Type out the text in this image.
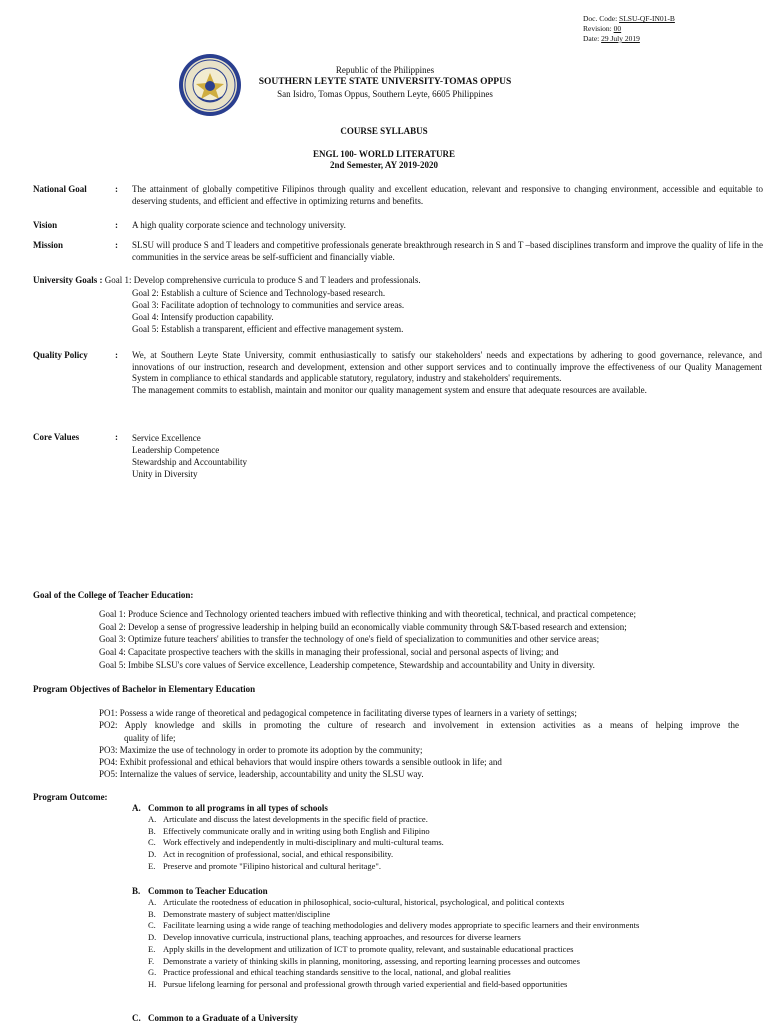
Doc. Code: SLSU-QF-IN01-B
Revision: 00
Date: 29 July 2019
Republic of the Philippines
SOUTHERN LEYTE STATE UNIVERSITY-TOMAS OPPUS
San Isidro, Tomas Oppus, Southern Leyte, 6605 Philippines
COURSE SYLLABUS
ENGL 100- WORLD LITERATURE
2nd Semester, AY 2019-2020
National Goal	: The attainment of globally competitive Filipinos through quality and excellent education, relevant and responsive to changing environment, accessible and equitable to deserving students, and efficient and effective in optimizing returns and benefits.
Vision	: A high quality corporate science and technology university.
Mission	: SLSU will produce S and T leaders and competitive professionals generate breakthrough research in S and T –based disciplines transform and improve the quality of life in the communities in the service areas be self-sufficient and financially viable.
University Goals : Goal 1: Develop comprehensive curricula to produce S and T leaders and professionals.
Goal 2: Establish a culture of Science and Technology-based research.
Goal 3: Facilitate adoption of technology to communities and service areas.
Goal 4: Intensify production capability.
Goal 5: Establish a transparent, efficient and effective management system.
Quality Policy	: We, at Southern Leyte State University, commit enthusiastically to satisfy our stakeholders' needs and expectations by adhering to good governance, relevance, and innovations of our instruction, research and development, extension and other support services and to continually improve the effectiveness of our Quality Management System in compliance to ethical standards and applicable statutory, regulatory, industry and stakeholders' requirements.
The management commits to establish, maintain and monitor our quality management system and ensure that adequate resources are available.
Core Values	: Service Excellence
Leadership Competence
Stewardship and Accountability
Unity in Diversity
Goal of the College of Teacher Education:
Goal 1: Produce Science and Technology oriented teachers imbued with reflective thinking and with theoretical, technical, and practical competence;
Goal 2: Develop a sense of progressive leadership in helping build an economically viable community through S&T-based research and extension;
Goal 3: Optimize future teachers' abilities to transfer the technology of one's field of specialization to communities and other service areas;
Goal 4: Capacitate prospective teachers with the skills in managing their professional, social and personal aspects of living; and
Goal 5: Imbibe SLSU's core values of Service excellence, Leadership competence, Stewardship and accountability and Unity in diversity.
Program Objectives of Bachelor in Elementary Education
PO1: Possess a wide range of theoretical and pedagogical competence in facilitating diverse types of learners in a variety of settings;
PO2: Apply knowledge and skills in promoting the culture of research and involvement in extension activities as a means of helping improve the
quality of life;
PO3: Maximize the use of technology in order to promote its adoption by the community;
PO4: Exhibit professional and ethical behaviors that would inspire others towards a sensible outlook in life; and
PO5: Internalize the values of service, leadership, accountability and unity the SLSU way.
Program Outcome:
A. Common to all programs in all types of schools
A. Articulate and discuss the latest developments in the specific field of practice.
B. Effectively communicate orally and in writing using both English and Filipino
C. Work effectively and independently in multi-disciplinary and multi-cultural teams.
D. Act in recognition of professional, social, and ethical responsibility.
E. Preserve and promote "Filipino historical and cultural heritage".
B. Common to Teacher Education
A. Articulate the rootedness of education in philosophical, socio-cultural, historical, psychological, and political contexts
B. Demonstrate mastery of subject matter/discipline
C. Facilitate learning using a wide range of teaching methodologies and delivery modes appropriate to specific learners and their environments
D. Develop innovative curricula, instructional plans, teaching approaches, and resources for diverse learners
E. Apply skills in the development and utilization of ICT to promote quality, relevant, and sustainable educational practices
F. Demonstrate a variety of thinking skills in planning, monitoring, assessing, and reporting learning processes and outcomes
G. Practice professional and ethical teaching standards sensitive to the local, national, and global realities
H. Pursue lifelong learning for personal and professional growth through varied experiential and field-based opportunities
C. Common to a Graduate of a University
